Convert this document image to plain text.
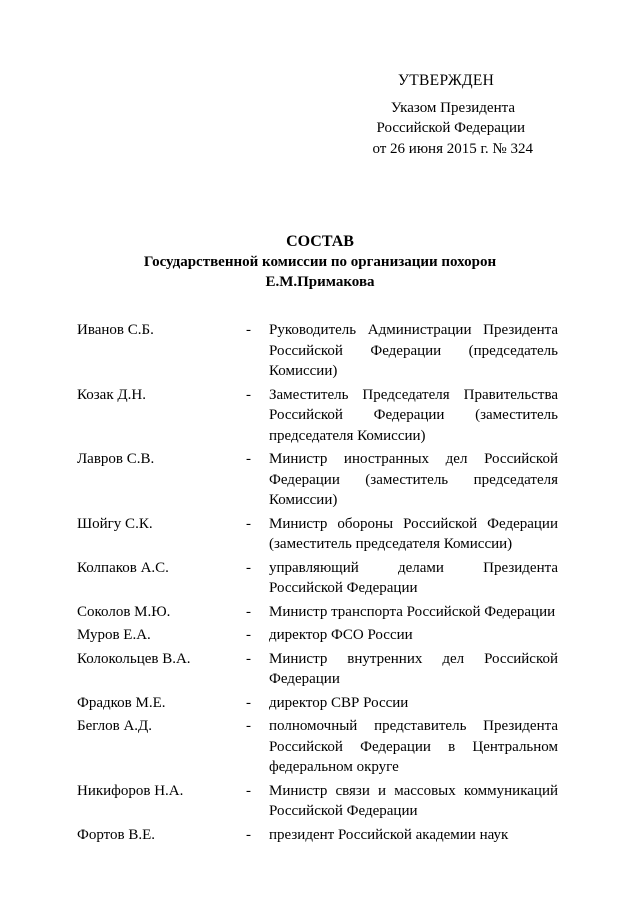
УТВЕРЖДЕН
Указом Президента
Российской Федерации
от 26 июня 2015 г. № 324
СОСТАВ
Государственной комиссии по организации похорон
Е.М.Примакова
Иванов С.Б.	- Руководитель Администрации Президента Российской Федерации (председатель Комиссии)
Козак Д.Н.	- Заместитель Председателя Правительства Российской Федерации (заместитель председателя Комиссии)
Лавров С.В.	- Министр иностранных дел Российской Федерации (заместитель председателя Комиссии)
Шойгу С.К.	- Министр обороны Российской Федерации (заместитель председателя Комиссии)
Колпаков А.С.	- управляющий делами Президента Российской Федерации
Соколов М.Ю.	- Министр транспорта Российской Федерации
Муров Е.А.	- директор ФСО России
Колокольцев В.А.	- Министр внутренних дел Российской Федерации
Фрадков М.Е.	- директор СВР России
Беглов А.Д.	- полномочный представитель Президента Российской Федерации в Центральном федеральном округе
Никифоров Н.А.	- Министр связи и массовых коммуникаций Российской Федерации
Фортов В.Е.	- президент Российской академии наук
